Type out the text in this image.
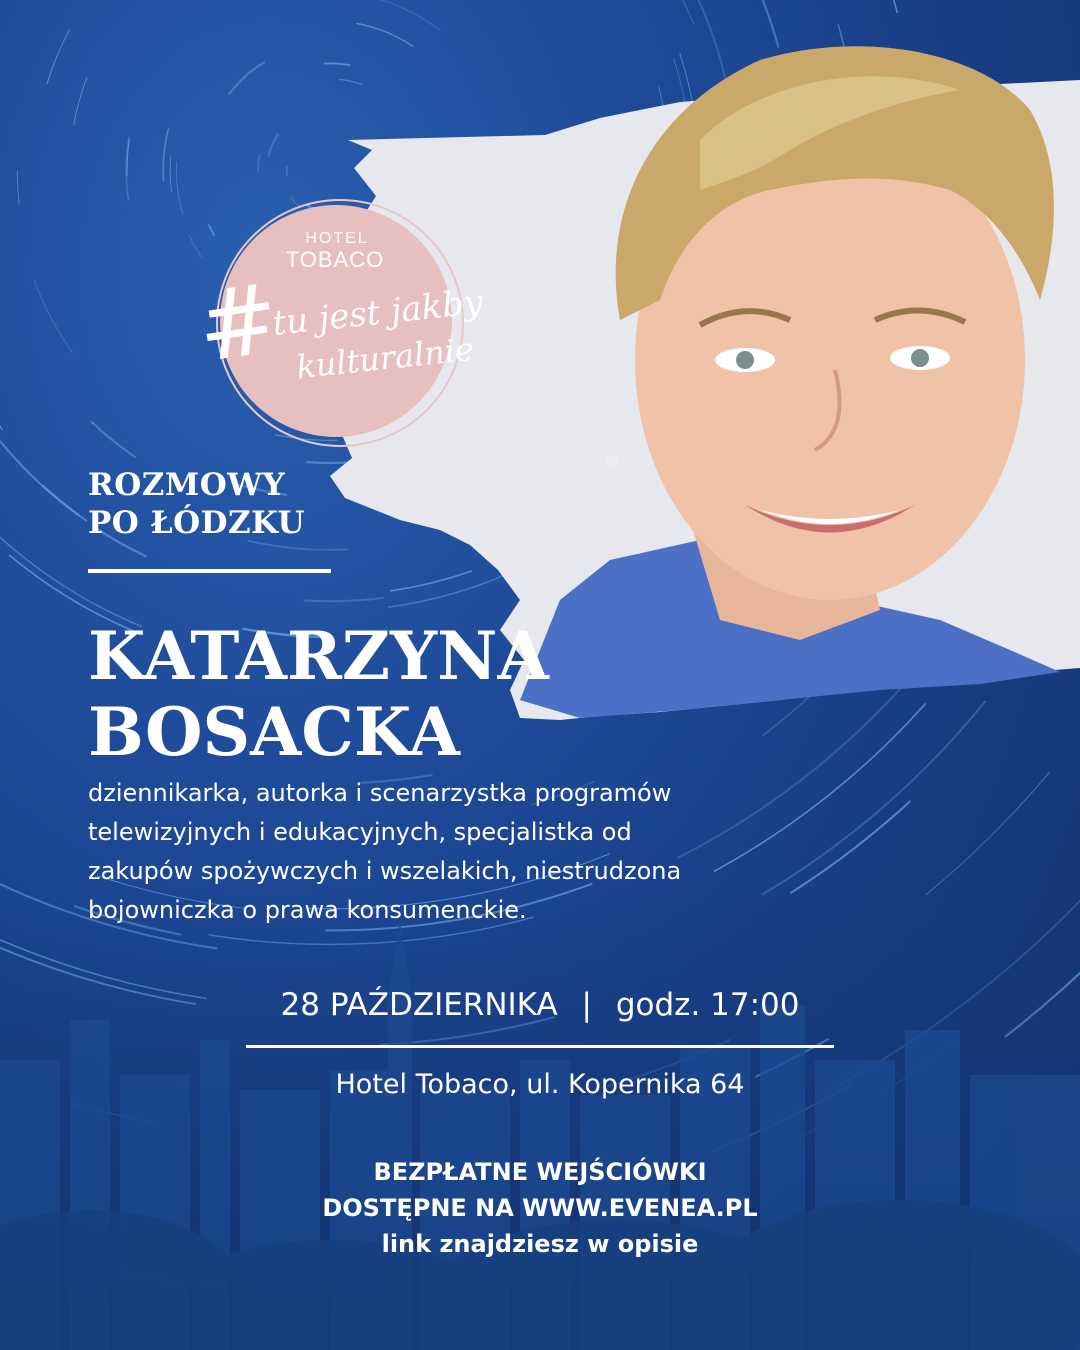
HOTEL
TOBACO
#
tu jest jakby
kulturalnie
ROZMOWY
PO ŁÓDZKU
KATARZYNA
BOSACKA
dziennikarka, autorka i scenarzystka programów
telewizyjnych i edukacyjnych, specjalistka od
zakupów spożywczych i wszelakich, niestrudzona
bojowniczka o prawa konsumenckie.
28 PAŹDZIERNIKA | godz. 17:00
Hotel Tobaco, ul. Kopernika 64
BEZPŁATNE WEJŚCIÓWKI
DOSTĘPNE NA WWW.EVENEA.PL
link znajdziesz w opisie
